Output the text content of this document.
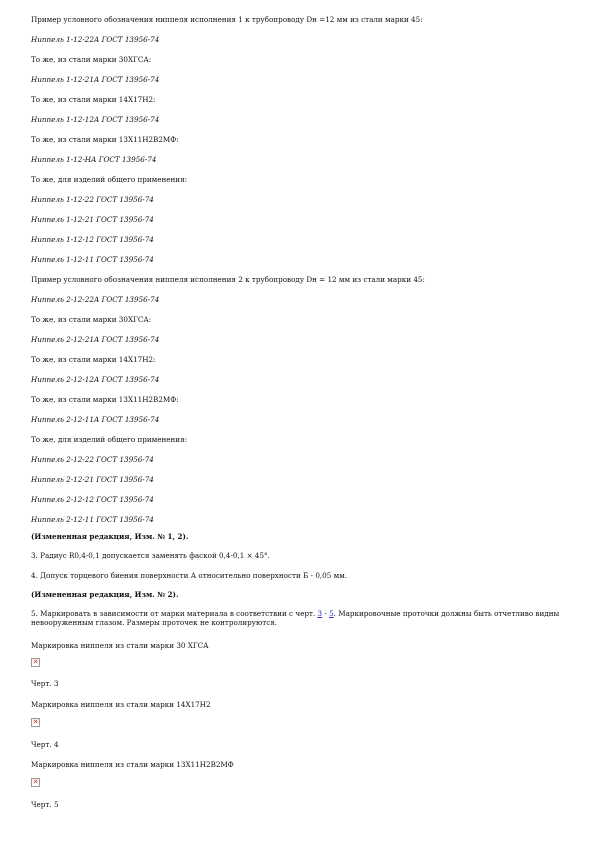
Пример условного обозначения ниппеля исполнения 1 к трубопроводу Dн =12 мм из стали марки 45:
Ниппель 1-12-22А ГОСТ 13956-74
То же, из стали марки 30ХГСА:
Ниппель 1-12-21А ГОСТ 13956-74
То же, из стали марки 14Х17Н2:
Ниппель 1-12-12А ГОСТ 13956-74
То же, из стали марки 13Х11Н2В2МФ:
Ниппель 1-12-НА ГОСТ 13956-74
То же, для изделий общего применения:
Ниппель 1-12-22 ГОСТ 13956-74
Ниппель 1-12-21 ГОСТ 13956-74
Ниппель 1-12-12 ГОСТ 13956-74
Ниппель 1-12-11 ГОСТ 13956-74
Пример условного обозначения ниппеля исполнения 2 к трубопроводу Dн = 12 мм из стали марки 45:
Ниппель 2-12-22А ГОСТ 13956-74
То же, из стали марки 30ХГСА:
Ниппель 2-12-21А ГОСТ 13956-74
То же, из стали марки 14Х17Н2:
Ниппель 2-12-12А ГОСТ 13956-74
То же, из стали марки 13Х11Н2В2МФ:
Ниппель 2-12-11А ГОСТ 13956-74
То же, для изделий общего применения:
Ниппель 2-12-22 ГОСТ 13956-74
Ниппель 2-12-21 ГОСТ 13956-74
Ниппель 2-12-12 ГОСТ 13956-74
Ниппель 2-12-11 ГОСТ 13956-74
(Измененная редакция, Изм. № 1, 2).
3. Радиус R0,4-0,1 допускается заменять фаской 0,4-0,1 × 45°.
4. Допуск торцевого биения поверхности А относительно поверхности Б - 0,05 мм.
(Измененная редакция, Изм. № 2).
5. Маркировать в зависимости от марки материала в соответствии с черт. 3 - 5. Маркировочные проточки должны быть отчетливо видны невооруженным глазом. Размеры проточек не контролируются.
Маркировка ниппеля из стали марки 30 ХГСА
✕
Черт. 3
Маркировка ниппеля из стали марки 14Х17Н2
✕
Черт. 4
Маркировка ниппеля из стали марки 13Х11Н2В2МФ
✕
Черт. 5
